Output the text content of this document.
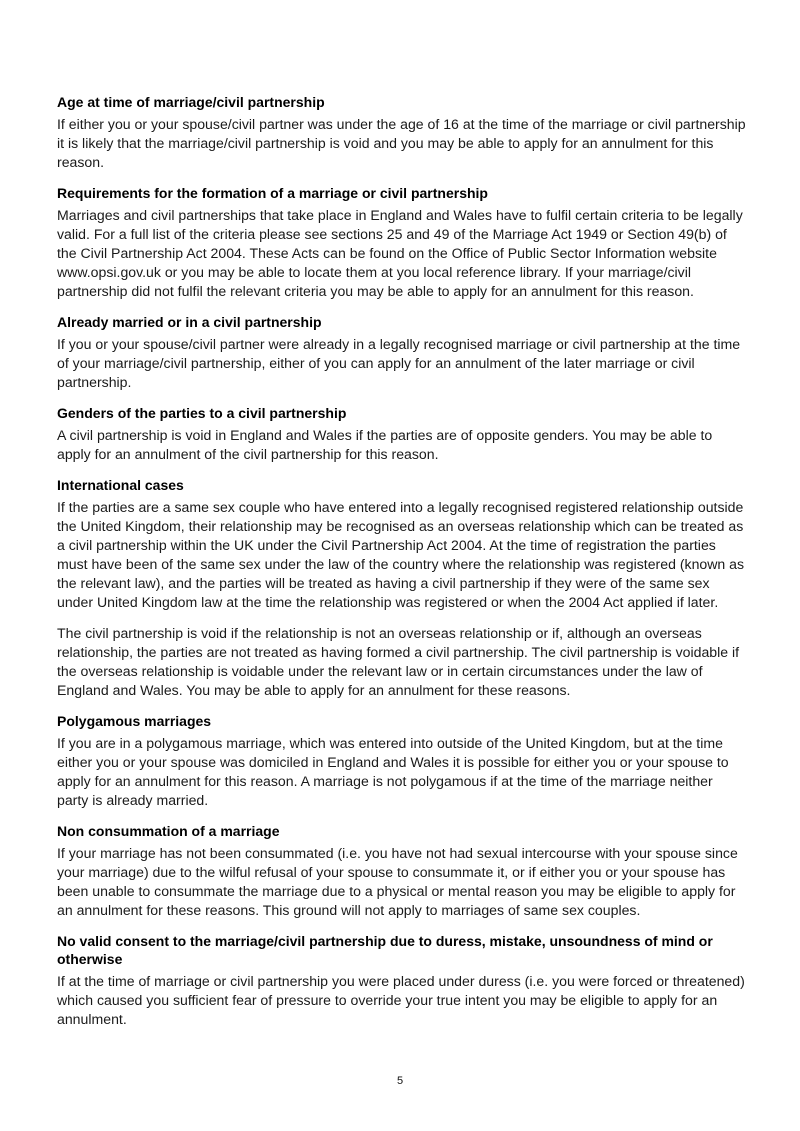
Age at time of marriage/civil partnership

If either you or your spouse/civil partner was under the age of 16 at the time of the marriage or civil partnership it is likely that the marriage/civil partnership is void and you may be able to apply for an annulment for this reason.

Requirements for the formation of a marriage or civil partnership

Marriages and civil partnerships that take place in England and Wales have to fulfil certain criteria to be legally valid. For a full list of the criteria please see sections 25 and 49 of the Marriage Act 1949 or Section 49(b) of the Civil Partnership Act 2004. These Acts can be found on the Office of Public Sector Information website www.opsi.gov.uk or you may be able to locate them at you local reference library. If your marriage/civil partnership did not fulfil the relevant criteria you may be able to apply for an annulment for this reason.

Already married or in a civil partnership

If you or your spouse/civil partner were already in a legally recognised marriage or civil partnership at the time of your marriage/civil partnership, either of you can apply for an annulment of the later marriage or civil partnership.

Genders of the parties to a civil partnership

A civil partnership is void in England and Wales if the parties are of opposite genders. You may be able to apply for an annulment of the civil partnership for this reason.

International cases

If the parties are a same sex couple who have entered into a legally recognised registered relationship outside the United Kingdom, their relationship may be recognised as an overseas relationship which can be treated as a civil partnership within the UK under the Civil Partnership Act 2004. At the time of registration the parties must have been of the same sex under the law of the country where the relationship was registered (known as the relevant law), and the parties will be treated as having a civil partnership if they were of the same sex under United Kingdom law at the time the relationship was registered or when the 2004 Act applied if later.

The civil partnership is void if the relationship is not an overseas relationship or if, although an overseas relationship, the parties are not treated as having formed a civil partnership. The civil partnership is voidable if the overseas relationship is voidable under the relevant law or in certain circumstances under the law of England and Wales. You may be able to apply for an annulment for these reasons.

Polygamous marriages

If you are in a polygamous marriage, which was entered into outside of the United Kingdom, but at the time either you or your spouse was domiciled in England and Wales it is possible for either you or your spouse to apply for an annulment for this reason. A marriage is not polygamous if at the time of the marriage neither party is already married.

Non consummation of a marriage

If your marriage has not been consummated (i.e. you have not had sexual intercourse with your spouse since your marriage) due to the wilful refusal of your spouse to consummate it, or if either you or your spouse has been unable to consummate the marriage due to a physical or mental reason you may be eligible to apply for an annulment for these reasons. This ground will not apply to marriages of same sex couples.

No valid consent to the marriage/civil partnership due to duress, mistake, unsoundness of mind or otherwise

If at the time of marriage or civil partnership you were placed under duress (i.e. you were forced or threatened) which caused you sufficient fear of pressure to override your true intent you may be eligible to apply for an annulment.

5
